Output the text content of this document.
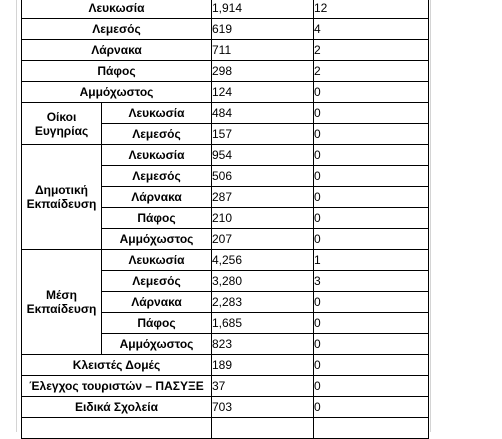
Λευκωσία		1,914	12
Λεμεσός		619	4
Λάρνακα		711	2
Πάφος		298	2
Αμμόχωστος		124	0
Οίκοι
Ευγηρίας	Λευκωσία	484	0
	Λεμεσός	157	0
Δημοτική
Εκπαίδευση	Λευκωσία	954	0
	Λεμεσός	506	0
	Λάρνακα	287	0
	Πάφος	210	0
	Αμμόχωστος	207	0
Μέση
Εκπαίδευση	Λευκωσία	4,256	1
	Λεμεσός	3,280	3
	Λάρνακα	2,283	0
	Πάφος	1,685	0
	Αμμόχωστος	823	0
Κλειστές Δομές		189	0
Έλεγχος τουριστών – ΠΑΣΥΞΕ		37	0
Ειδικά Σχολεία		703	0
